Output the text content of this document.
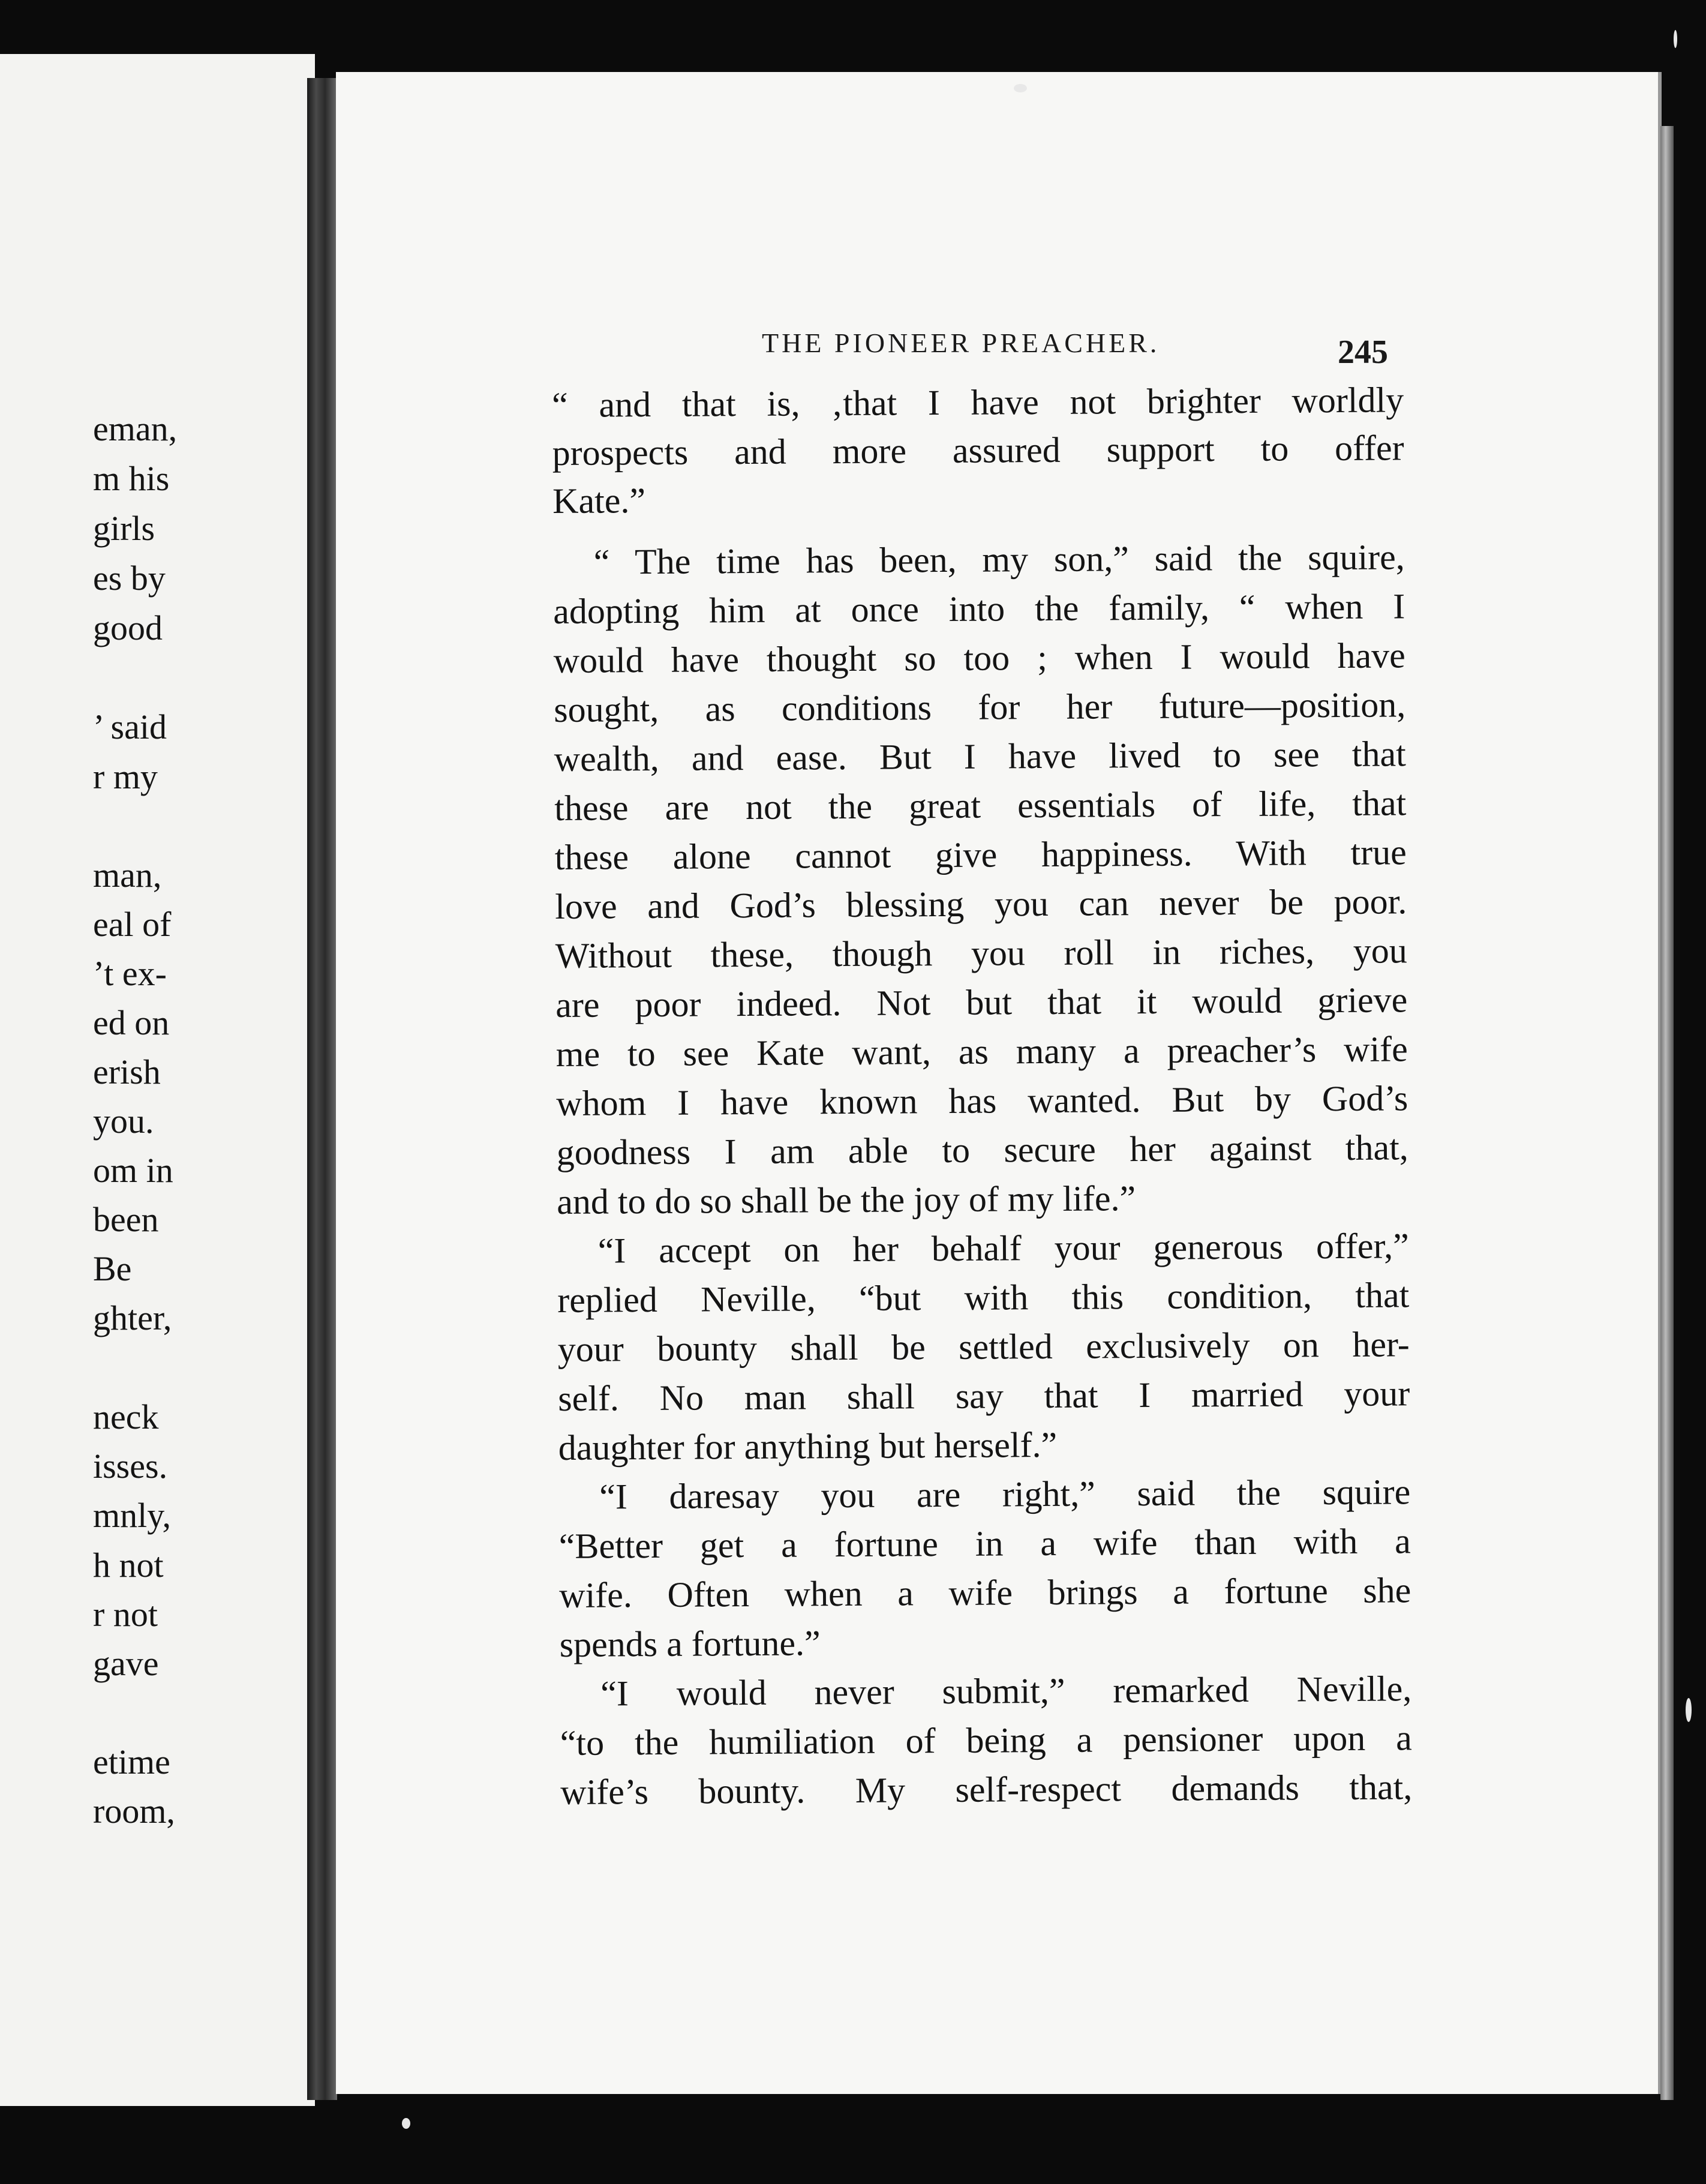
eman,
m his
girls
es by
good
’ said
r my
man,
eal of
’t ex-
ed on
erish
you.
om in
been
Be
ghter,
neck
isses.
mnly,
h not
r not
gave
etime
room,
THE PIONEER PREACHER.	245
“ and that is, ‚that I have not brighter worldly
prospects and more assured support to offer
Kate.”
“ The time has been, my son,” said the squire,
adopting him at once into the family, “ when I
would have thought so too ; when I would have
sought, as conditions for her future—position,
wealth, and ease. But I have lived to see that
these are not the great essentials of life, that
these alone cannot give happiness. With true
love and God’s blessing you can never be poor.
Without these, though you roll in riches, you
are poor indeed. Not but that it would grieve
me to see Kate want, as many a preacher’s wife
whom I have known has wanted. But by God’s
goodness I am able to secure her against that,
and to do so shall be the joy of my life.”
“I accept on her behalf your generous offer,”
replied Neville, “but with this condition, that
your bounty shall be settled exclusively on her-
self. No man shall say that I married your
daughter for anything but herself.”
“I daresay you are right,” said the squire
“Better get a fortune in a wife than with a
wife. Often when a wife brings a fortune she
spends a fortune.”
“I would never submit,” remarked Neville,
“to the humiliation of being a pensioner upon a
wife’s bounty. My self-respect demands that,
